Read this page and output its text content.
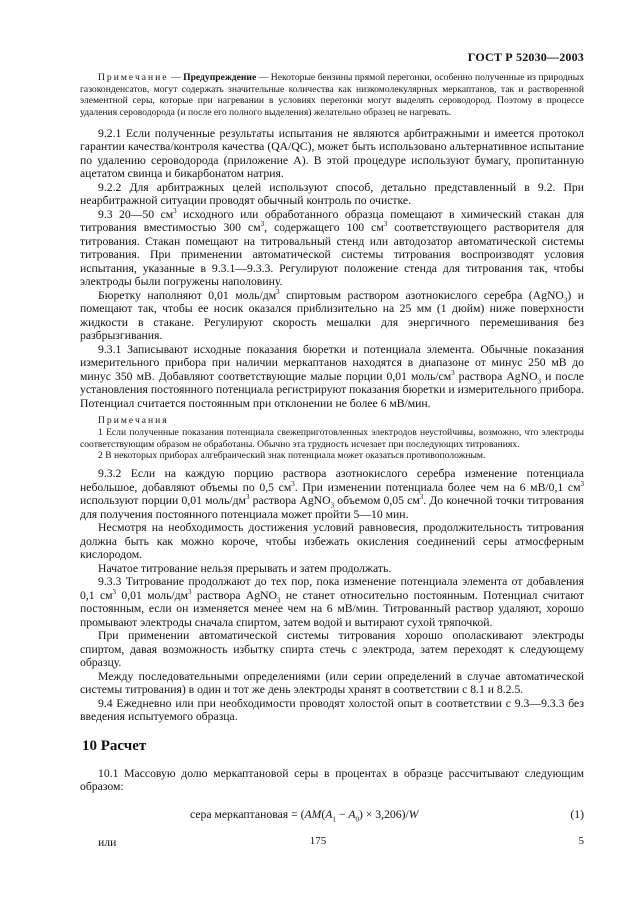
ГОСТ Р 52030—2003

Примечание — Предупреждение — Некоторые бензины прямой перегонки, особенно полученные из природных газоконденсатов, могут содержать значительные количества как низкомолекулярных меркаптанов, так и растворенной элементной серы, которые при нагревании в условиях перегонки могут выделять сероводород. Поэтому в процессе удаления сероводорода (и после его полного выделения) желательно образец не нагревать.

9.2.1 Если полученные результаты испытания не являются арбитражными и имеется протокол гарантии качества/контроля качества (QA/QC), может быть использовано альтернативное испытание по удалению сероводорода (приложение А). В этой процедуре используют бумагу, пропитанную ацетатом свинца и бикарбонатом натрия.

9.2.2 Для арбитражных целей используют способ, детально представленный в 9.2. При неарбитражной ситуации проводят обычный контроль по очистке.

9.3 20—50 $см^3$ исходного или обработанного образца помещают в химический стакан для титрования вместимостью 300 $см^3$, содержащего 100 $см^3$ соответствующего растворителя для титрования. Стакан помещают на титровальный стенд или автодозатор автоматической системы титрования. При применении автоматической системы титрования воспроизводят условия испытания, указанные в 9.3.1—9.3.3. Регулируют положение стенда для титрования так, чтобы электроды были погружены наполовину.

Бюретку наполняют 0,01 моль/$дм^3$ спиртовым раствором азотнокислого серебра (AgNO$_3$) и помещают так, чтобы ее носик оказался приблизительно на 25 мм (1 дюйм) ниже поверхности жидкости в стакане. Регулируют скорость мешалки для энергичного перемешивания без разбрызгивания.

9.3.1 Записывают исходные показания бюретки и потенциала элемента. Обычные показания измерительного прибора при наличии меркаптанов находятся в диапазоне от минус 250 мВ до минус 350 мВ. Добавляют соответствующие малые порции 0,01 моль/$см^3$ раствора AgNO$_3$ и после установления постоянного потенциала регистрируют показания бюретки и измерительного прибора. Потенциал считается постоянным при отклонении не более 6 мВ/мин.

Примечания

1 Если полученные показания потенциала свежеприготовленных электродов неустойчивы, возможно, что электроды соответствующим образом не обработаны. Обычно эта трудность исчезает при последующих титрованиях.

2 В некоторых приборах алгебраический знак потенциала может оказаться противоположным.

9.3.2 Если на каждую порцию раствора азотнокислого серебра изменение потенциала небольшое, добавляют объемы по 0,5 $см^3$. При изменении потенциала более чем на 6 мВ/0,1 $см^3$ используют порции 0,01 моль/$дм^3$ раствора AgNO$_3$ объемом 0,05 $см^3$. До конечной точки титрования для получения постоянного потенциала может пройти 5—10 мин.

Несмотря на необходимость достижения условий равновесия, продолжительность титрования должна быть как можно короче, чтобы избежать окисления соединений серы атмосферным кислородом.

Начатое титрование нельзя прерывать и затем продолжать.

9.3.3 Титрование продолжают до тех пор, пока изменение потенциала элемента от добавления 0,1 $см^3$ 0,01 моль/$дм^3$ раствора AgNO$_3$ не станет относительно постоянным. Потенциал считают постоянным, если он изменяется менее чем на 6 мВ/мин. Титрованный раствор удаляют, хорошо промывают электроды сначала спиртом, затем водой и вытирают сухой тряпочкой.

При применении автоматической системы титрования хорошо ополаскивают электроды спиртом, давая возможность избытку спирта стечь с электрода, затем переходят к следующему образцу.

Между последовательными определениями (или серии определений в случае автоматической системы титрования) в один и тот же день электроды хранят в соответствии с 8.1 и 8.2.5.

9.4 Ежедневно или при необходимости проводят холостой опыт в соответствии с 9.3—9.3.3 без введения испытуемого образца.

10 Расчет

10.1 Массовую долю меркаптановой серы в процентах в образце рассчитывают следующим образом:

сера меркаптановая = $(AM(A_1 - A_0) \times 3,206)/W$	(1)

или	175	5
